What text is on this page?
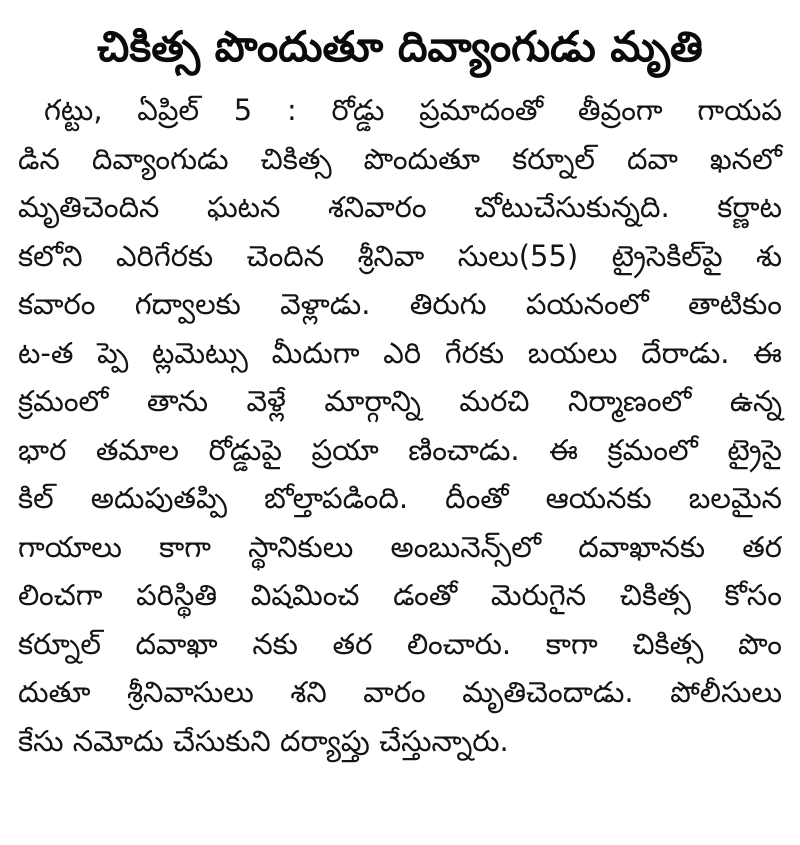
చికిత్స పొందుతూ దివ్యాంగుడు మృతి
గట్టు, ఏప్రిల్ 5 : రోడ్డు ప్రమాదంతో తీవ్రంగా గాయప
డిన దివ్యాంగుడు చికిత్స పొందుతూ కర్నూల్ దవా ఖనలో
మృతిచెందిన ఘటన శనివారం చోటుచేసుకున్నది. కర్ణాట
కలోని ఎరిగేరకు చెందిన శ్రీనివా సులు(55) ట్రైసెకిల్‌పై శు
కవారం గద్వాలకు వెళ్లాడు. తిరుగు పయనంలో తాటికుం
ట-త ప్పె ట్లమెట్సు మీదుగా ఎరి గేరకు బయలు దేరాడు. ఈ
క్రమంలో తాను వెళ్లే మార్గాన్ని మరచి నిర్మాణంలో ఉన్న
భార తమాల రోడ్డుపై ప్రయా ణించాడు. ఈ క్రమంలో ట్రైసై
కిల్ అదుపుతప్పి బోల్తాపడింది. దీంతో ఆయనకు బలమైన
గాయాలు కాగా స్థానికులు అంబునెన్స్‌లో దవాఖానకు తర
లించగా పరిస్థితి విషమించ డంతో మెరుగైన చికిత్స కోసం
కర్నూల్ దవాఖా నకు తర లించారు. కాగా చికిత్స పొం
దుతూ శ్రీనివాసులు శని వారం మృతిచెందాడు. పోలీసులు
కేసు నమోదు చేసుకుని దర్యాప్తు చేస్తున్నారు.
